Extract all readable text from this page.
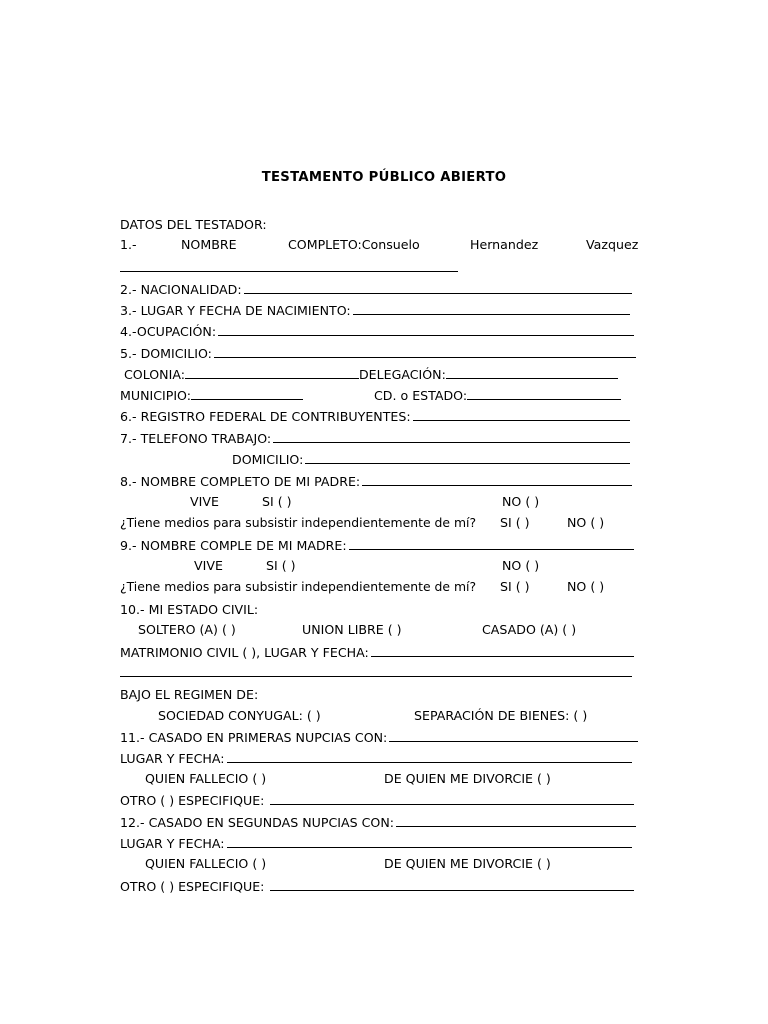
TESTAMENTO PÚBLICO ABIERTO
DATOS DEL TESTADOR:
1.-	NOMBRE	COMPLETO:Consuelo	Hernandez	Vazquez
2.- NACIONALIDAD:
3.- LUGAR Y FECHA DE NACIMIENTO:
4.-OCUPACIÓN:
5.- DOMICILIO:
COLONIA:	DELEGACIÓN:
MUNICIPIO:	CD. o ESTADO:
6.- REGISTRO FEDERAL DE CONTRIBUYENTES:
7.- TELEFONO TRABAJO:
DOMICILIO:
8.- NOMBRE COMPLETO DE MI PADRE:
VIVE	SI ( )	NO ( )
¿Tiene medios para subsistir independientemente de mí? SI ( )	NO ( )
9.- NOMBRE COMPLE DE MI MADRE:
VIVE	SI ( )	NO ( )
¿Tiene medios para subsistir independientemente de mí? SI ( )	NO ( )
10.- MI ESTADO CIVIL:
SOLTERO (A) ( )	UNION LIBRE ( )	CASADO (A) ( )
MATRIMONIO CIVIL ( ), LUGAR Y FECHA:
BAJO EL REGIMEN DE:
SOCIEDAD CONYUGAL: ( )	SEPARACIÓN DE BIENES: ( )
11.- CASADO EN PRIMERAS NUPCIAS CON:
LUGAR Y FECHA:
QUIEN FALLECIO ( )	DE QUIEN ME DIVORCIE ( )
OTRO ( ) ESPECIFIQUE:
12.- CASADO EN SEGUNDAS NUPCIAS CON:
LUGAR Y FECHA:
QUIEN FALLECIO ( )	DE QUIEN ME DIVORCIE ( )
OTRO ( ) ESPECIFIQUE:
